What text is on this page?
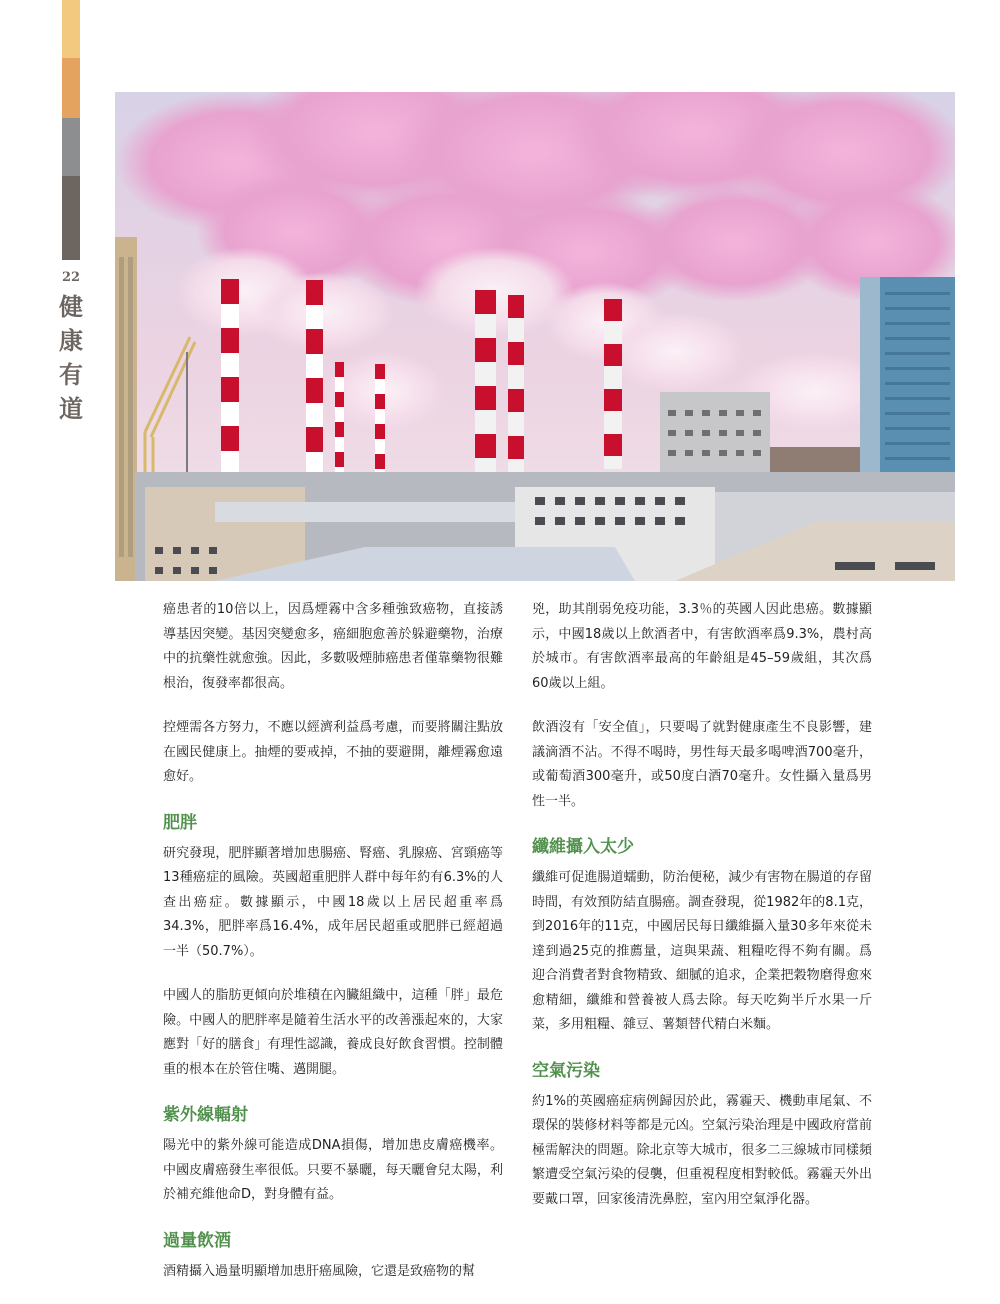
22
健
康
有
道

癌患者的10倍以上，因爲煙霧中含多種強致癌物，直接誘導基因突變。基因突變愈多，癌細胞愈善於躲避藥物，治療中的抗藥性就愈強。因此，多數吸煙肺癌患者僅靠藥物很難根治，復發率都很高。

控煙需各方努力，不應以經濟利益爲考慮，而要將關注點放在國民健康上。抽煙的要戒掉，不抽的要避開，離煙霧愈遠愈好。

肥胖

研究發現，肥胖顯著增加患腸癌、腎癌、乳腺癌、宮頸癌等13種癌症的風險。英國超重肥胖人群中每年約有6.3%的人查出癌症。數據顯示，中國18歲以上居民超重率爲34.3%，肥胖率爲16.4%，成年居民超重或肥胖已經超過一半（50.7%）。

中國人的脂肪更傾向於堆積在內臟組織中，這種「胖」最危險。中國人的肥胖率是隨着生活水平的改善漲起來的，大家應對「好的膳食」有理性認識，養成良好飲食習慣。控制體重的根本在於管住嘴、邁開腿。

紫外線輻射

陽光中的紫外線可能造成DNA損傷，增加患皮膚癌機率。中國皮膚癌發生率很低。只要不暴曬，每天曬會兒太陽，利於補充維他命D，對身體有益。

過量飲酒

酒精攝入過量明顯增加患肝癌風險，它還是致癌物的幫

兇，助其削弱免疫功能，3.3％的英國人因此患癌。數據顯示，中國18歲以上飲酒者中，有害飲酒率爲9.3%，農村高於城市。有害飲酒率最高的年齡組是45–59歲組，其次爲60歲以上組。

飲酒沒有「安全值」，只要喝了就對健康產生不良影響，建議滴酒不沾。不得不喝時，男性每天最多喝啤酒700毫升，或葡萄酒300毫升，或50度白酒70毫升。女性攝入量爲男性一半。

纖維攝入太少

纖維可促進腸道蠕動，防治便秘，減少有害物在腸道的存留時間，有效預防結直腸癌。調查發現，從1982年的8.1克，到2016年的11克，中國居民每日纖維攝入量30多年來從未達到過25克的推薦量，這與果蔬、粗糧吃得不夠有關。爲迎合消費者對食物精致、細膩的追求，企業把穀物磨得愈來愈精細，纖維和營養被人爲去除。每天吃夠半斤水果一斤菜，多用粗糧、雜豆、薯類替代精白米麵。

空氣污染

約1%的英國癌症病例歸因於此，霧霾天、機動車尾氣、不環保的裝修材料等都是元凶。空氣污染治理是中國政府當前極需解決的問題。除北京等大城市，很多二三線城市同樣頻繁遭受空氣污染的侵襲，但重視程度相對較低。霧霾天外出要戴口罩，回家後清洗鼻腔，室內用空氣淨化器。
